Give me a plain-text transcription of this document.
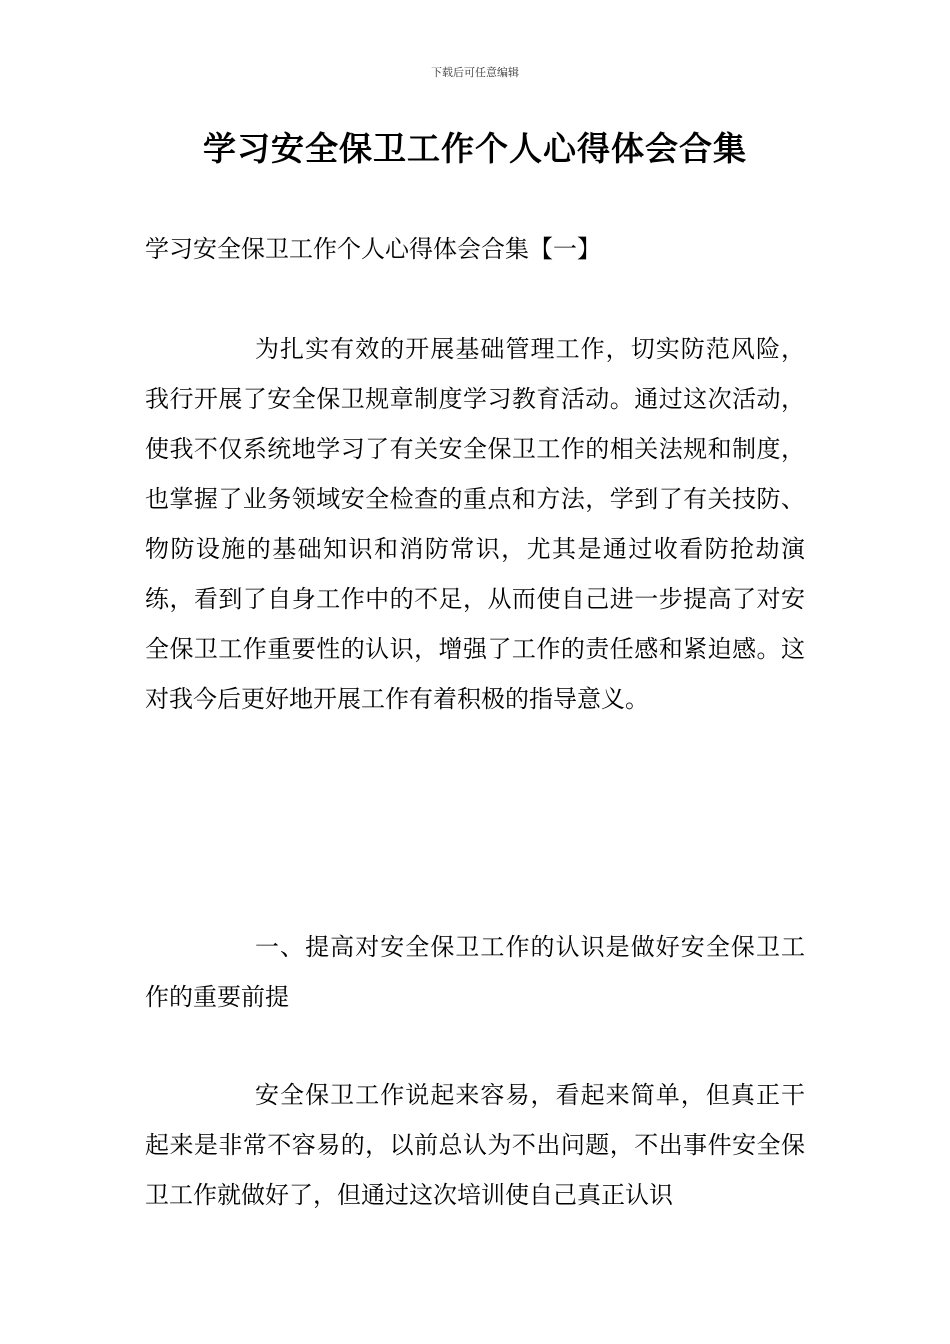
下载后可任意编辑
学习安全保卫工作个人心得体会合集
学习安全保卫工作个人心得体会合集【一】
为扎实有效的开展基础管理工作，切实防范风险，我行开展了安全保卫规章制度学习教育活动。通过这次活动，使我不仅系统地学习了有关安全保卫工作的相关法规和制度，也掌握了业务领域安全检查的重点和方法，学到了有关技防、物防设施的基础知识和消防常识，尤其是通过收看防抢劫演练，看到了自身工作中的不足，从而使自己进一步提高了对安全保卫工作重要性的认识，增强了工作的责任感和紧迫感。这对我今后更好地开展工作有着积极的指导意义。
一、提高对安全保卫工作的认识是做好安全保卫工作的重要前提
安全保卫工作说起来容易，看起来简单，但真正干起来是非常不容易的，以前总认为不出问题，不出事件安全保卫工作就做好了，但通过这次培训使自己真正认识
